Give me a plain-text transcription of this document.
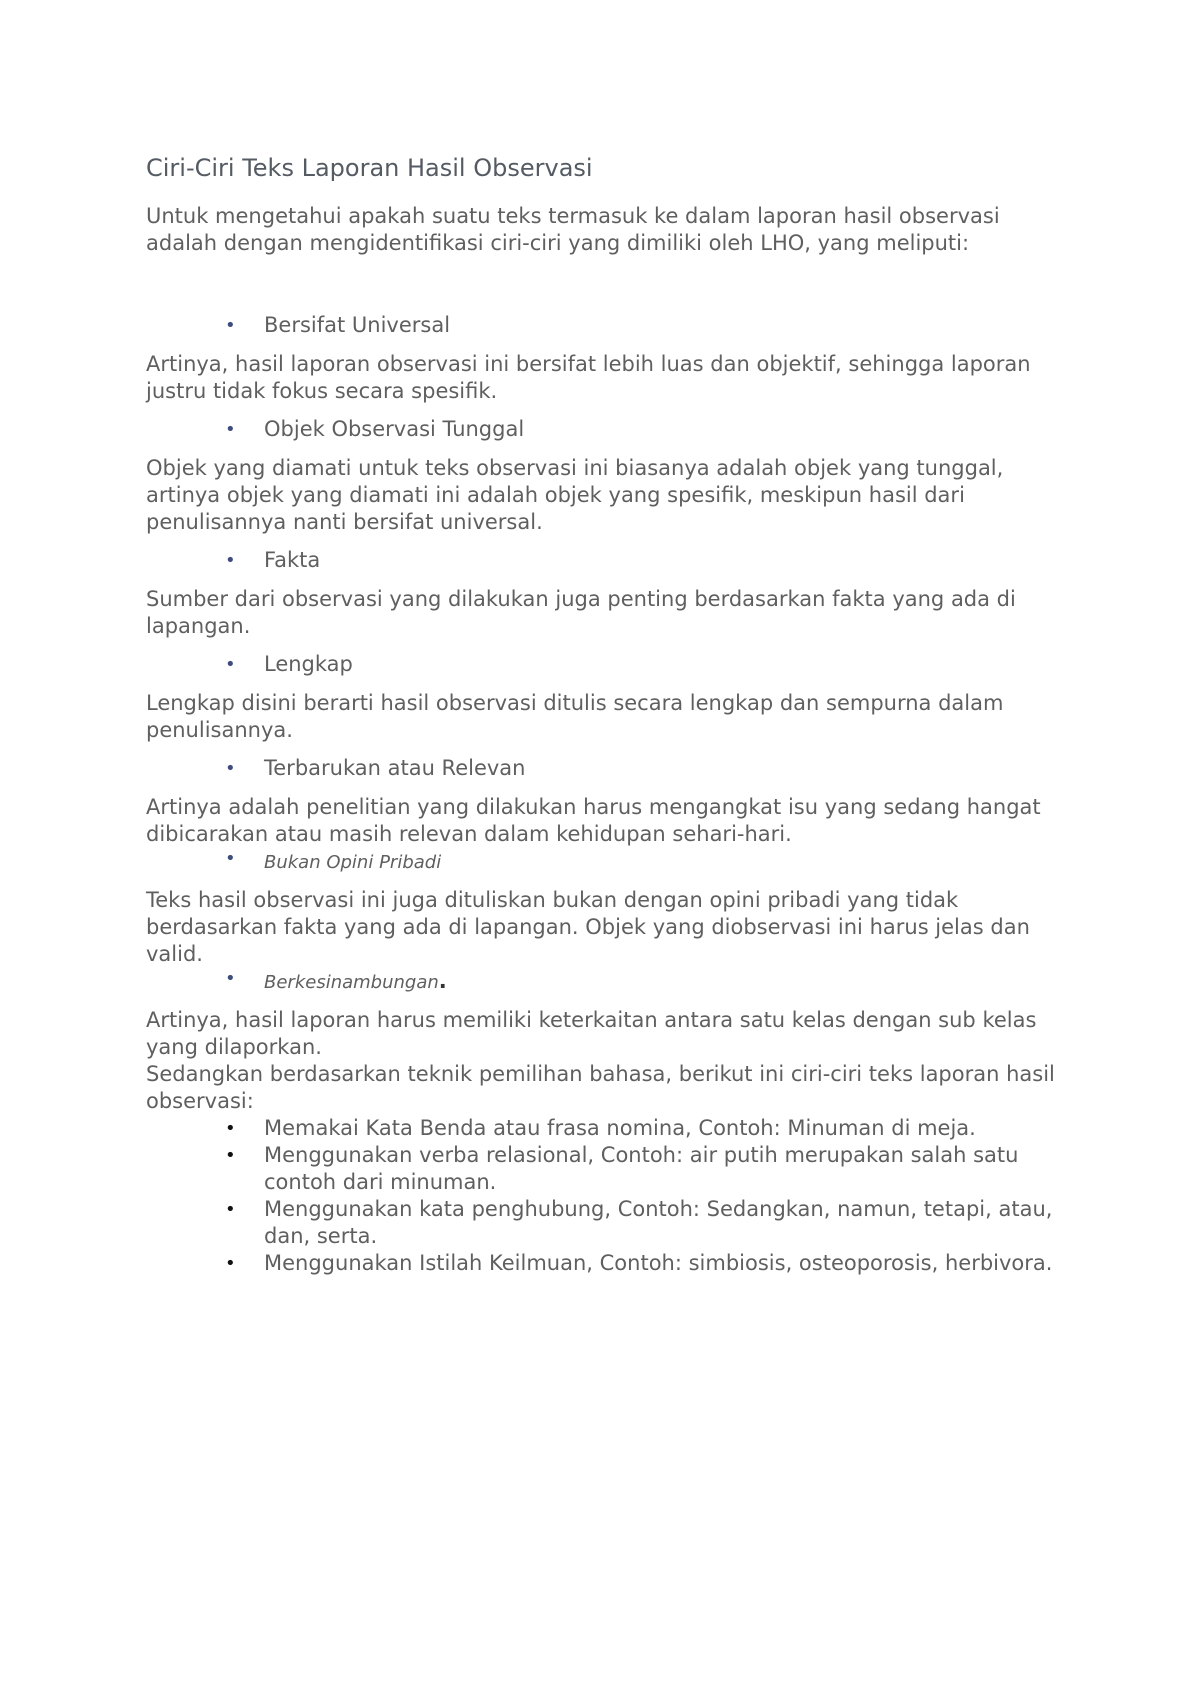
Ciri-Ciri Teks Laporan Hasil Observasi

Untuk mengetahui apakah suatu teks termasuk ke dalam laporan hasil observasi adalah dengan mengidentifikasi ciri-ciri yang dimiliki oleh LHO, yang meliputi:

• Bersifat Universal

Artinya, hasil laporan observasi ini bersifat lebih luas dan objektif, sehingga laporan justru tidak fokus secara spesifik.

• Objek Observasi Tunggal

Objek yang diamati untuk teks observasi ini biasanya adalah objek yang tunggal, artinya objek yang diamati ini adalah objek yang spesifik, meskipun hasil dari penulisannya nanti bersifat universal.

• Fakta

Sumber dari observasi yang dilakukan juga penting berdasarkan fakta yang ada di lapangan.

• Lengkap

Lengkap disini berarti hasil observasi ditulis secara lengkap dan sempurna dalam penulisannya.

• Terbarukan atau Relevan

Artinya adalah penelitian yang dilakukan harus mengangkat isu yang sedang hangat dibicarakan atau masih relevan dalam kehidupan sehari-hari.

• Bukan Opini Pribadi

Teks hasil observasi ini juga dituliskan bukan dengan opini pribadi yang tidak berdasarkan fakta yang ada di lapangan. Objek yang diobservasi ini harus jelas dan valid.

• Berkesinambungan.

Artinya, hasil laporan harus memiliki keterkaitan antara satu kelas dengan sub kelas yang dilaporkan.

Sedangkan berdasarkan teknik pemilihan bahasa, berikut ini ciri-ciri teks laporan hasil observasi:

• Memakai Kata Benda atau frasa nomina, Contoh: Minuman di meja.
• Menggunakan verba relasional, Contoh: air putih merupakan salah satu contoh dari minuman.
• Menggunakan kata penghubung, Contoh: Sedangkan, namun, tetapi, atau, dan, serta.
• Menggunakan Istilah Keilmuan, Contoh: simbiosis, osteoporosis, herbivora.
